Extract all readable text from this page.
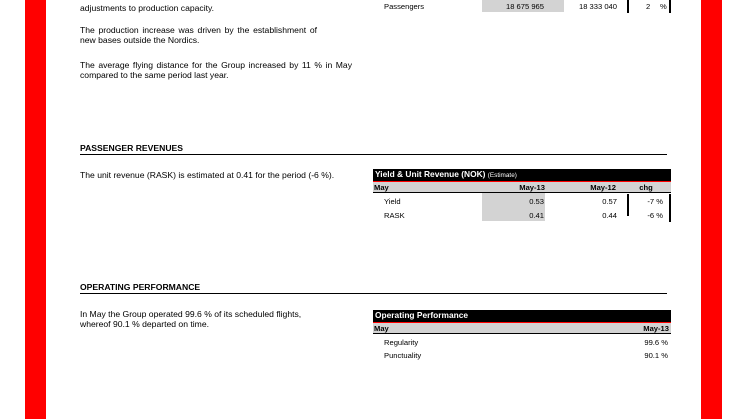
adjustments to production capacity.
The production increase was driven by the establishment of new bases outside the Nordics.
The average flying distance for the Group increased by 11 % in May compared to the same period last year.
Passengers	18 675 965	18 333 040	2 %
PASSENGER REVENUES
The unit revenue (RASK) is estimated at 0.41 for the period (-6 %).	Yield & Unit Revenue (NOK) (Estimate)
May	May-13	May-12	chg
Yield	0.53	0.57	-7 %
RASK	0.41	0.44	-6 %
OPERATING PERFORMANCE
In May the Group operated 99.6 % of its scheduled flights, whereof 90.1 % departed on time.
Operating Performance
May	May-13
Regularity	99.6 %
Punctuality	90.1 %
